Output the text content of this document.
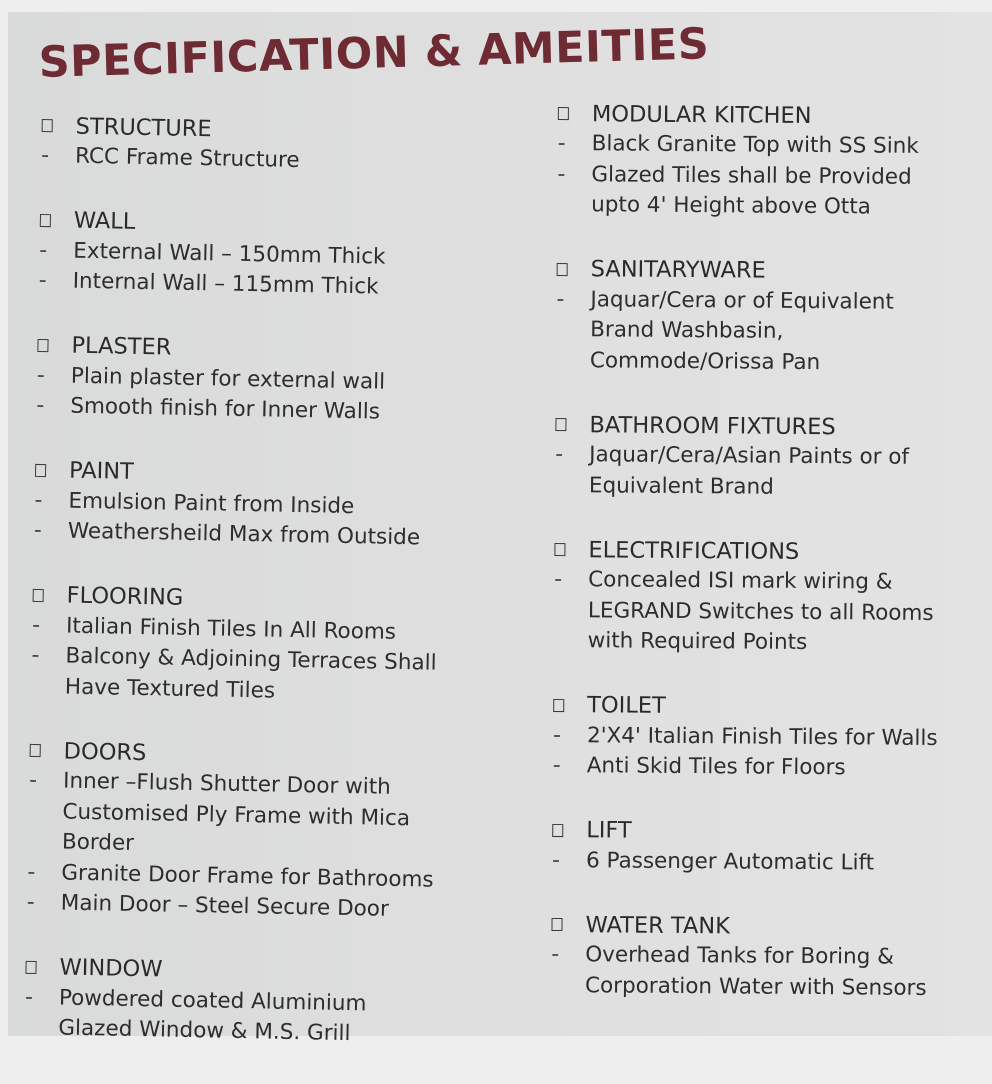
SPECIFICATION & AMEITIES
STRUCTURE
-	RCC Frame Structure
WALL
-	External Wall – 150mm Thick
-	Internal Wall – 115mm Thick
PLASTER
-	Plain plaster for external wall
-	Smooth finish for Inner Walls
PAINT
-	Emulsion Paint from Inside
-	Weathersheild Max from Outside
FLOORING
-	Italian Finish Tiles In All Rooms
-	Balcony & Adjoining Terraces Shall
Have Textured Tiles
DOORS
-	Inner –Flush Shutter Door with
Customised Ply Frame with Mica
Border
-	Granite Door Frame for Bathrooms
-	Main Door – Steel Secure Door
WINDOW
-	Powdered coated Aluminium
Glazed Window & M.S. Grill
MODULAR KITCHEN
-	Black Granite Top with SS Sink
-	Glazed Tiles shall be Provided
upto 4' Height above Otta
SANITARYWARE
-	Jaquar/Cera or of Equivalent
Brand Washbasin,
Commode/Orissa Pan
BATHROOM FIXTURES
-	Jaquar/Cera/Asian Paints or of
Equivalent Brand
ELECTRIFICATIONS
-	Concealed ISI mark wiring &
LEGRAND Switches to all Rooms
with Required Points
TOILET
-	2'X4' Italian Finish Tiles for Walls
-	Anti Skid Tiles for Floors
LIFT
-	6 Passenger Automatic Lift
WATER TANK
-	Overhead Tanks for Boring &
Corporation Water with Sensors
